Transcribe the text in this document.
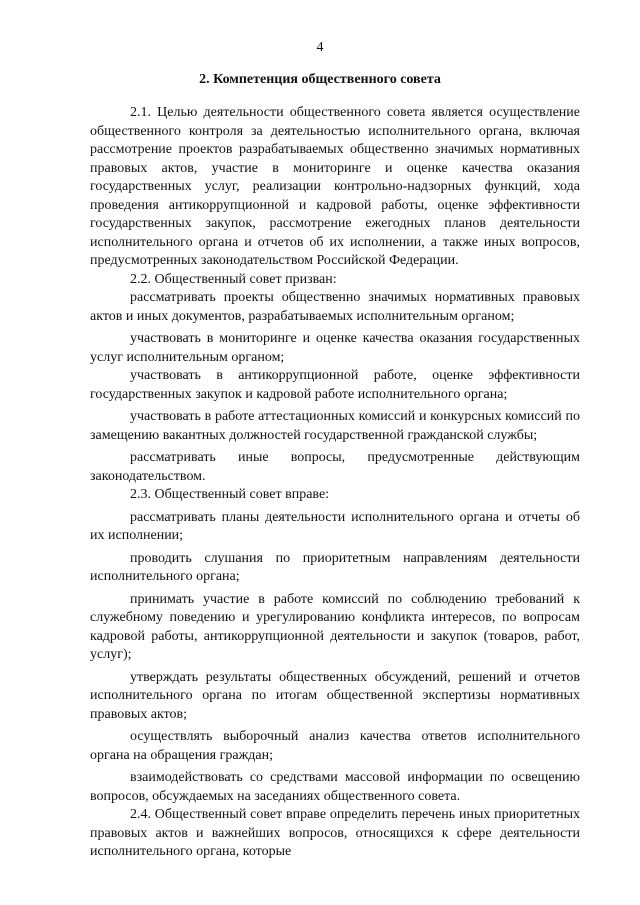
4
2. Компетенция общественного совета

2.1. Целью деятельности общественного совета является осуществление общественного контроля за деятельностью исполнительного органа, включая рассмотрение проектов разрабатываемых общественно значимых нормативных правовых актов, участие в мониторинге и оценке качества оказания государственных услуг, реализации контрольно-надзорных функций, хода проведения антикоррупционной и кадровой работы, оценке эффективности государственных закупок, рассмотрение ежегодных планов деятельности исполнительного органа и отчетов об их исполнении, а также иных вопросов, предусмотренных законодательством Российской Федерации.

2.2. Общественный совет призван:

рассматривать проекты общественно значимых нормативных правовых актов и иных документов, разрабатываемых исполнительным органом;

участвовать в мониторинге и оценке качества оказания государственных услуг исполнительным органом;

участвовать в антикоррупционной работе, оценке эффективности государственных закупок и кадровой работе исполнительного органа;

участвовать в работе аттестационных комиссий и конкурсных комиссий по замещению вакантных должностей государственной гражданской службы;

рассматривать иные вопросы, предусмотренные действующим законодательством.

2.3. Общественный совет вправе:

рассматривать планы деятельности исполнительного органа и отчеты об их исполнении;

проводить слушания по приоритетным направлениям деятельности исполнительного органа;

принимать участие в работе комиссий по соблюдению требований к служебному поведению и урегулированию конфликта интересов, по вопросам кадровой работы, антикоррупционной деятельности и закупок (товаров, работ, услуг);

утверждать результаты общественных обсуждений, решений и отчетов исполнительного органа по итогам общественной экспертизы нормативных правовых актов;

осуществлять выборочный анализ качества ответов исполнительного органа на обращения граждан;

взаимодействовать со средствами массовой информации по освещению вопросов, обсуждаемых на заседаниях общественного совета.

2.4. Общественный совет вправе определить перечень иных приоритетных правовых актов и важнейших вопросов, относящихся к сфере деятельности исполнительного органа, которые
